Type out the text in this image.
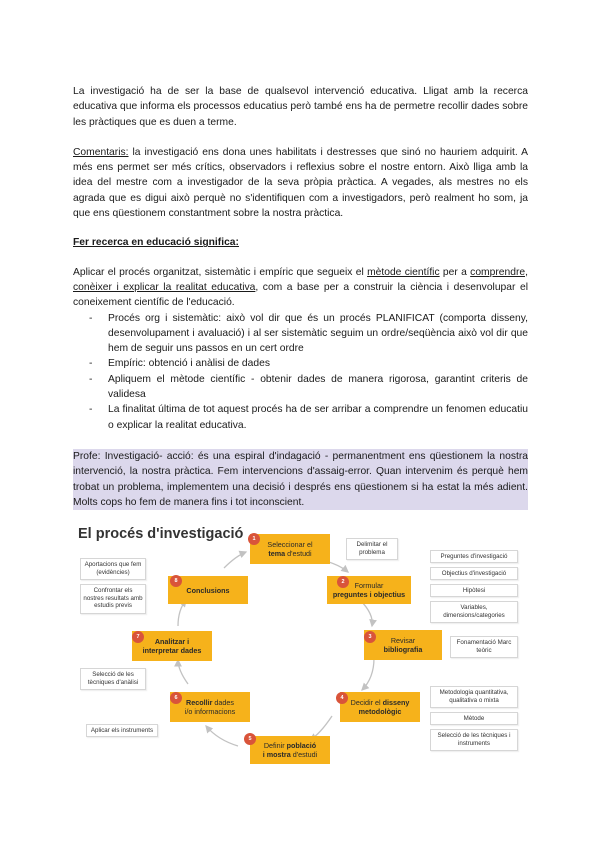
La investigació ha de ser la base de qualsevol intervenció educativa. Lligat amb la recerca educativa que informa els processos educatius però també ens ha de permetre recollir dades sobre les pràctiques que es duen a terme.

Comentaris: la investigació ens dona unes habilitats i destresses que sinó no hauriem adquirit. A més ens permet ser més crítics, observadors i reflexius sobre el nostre entorn. Això lliga amb la idea del mestre com a investigador de la seva pròpia pràctica. A vegades, als mestres no els agrada que es digui això perquè no s'identifiquen com a investigadors, però realment ho som, ja que ens qüestionem constantment sobre la nostra pràctica.

Fer recerca en educació significa:

Aplicar el procés organitzat, sistemàtic i empíric que segueix el mètode científic per a comprendre, conèixer i explicar la realitat educativa, com a base per a construir la ciència i desenvolupar el coneixement científic de l'educació.

- Procés org i sistemàtic: això vol dir que és un procés PLANIFICAT (comporta disseny, desenvolupament i avaluació) i al ser sistemàtic seguim un ordre/seqüència això vol dir que hem de seguir uns passos en un cert ordre
- Empíric: obtenció i anàlisi de dades
- Apliquem el mètode científic - obtenir dades de manera rigorosa, garantint criteris de validesa
- La finalitat última de tot aquest procés ha de ser arribar a comprendre un fenomen educatiu o explicar la realitat educativa.

Profe: Investigació- acció: és una espiral d'indagació - permanentment ens qüestionem la nostra intervenció, la nostra pràctica. Fem intervencions d'assaig-error. Quan intervenim és perquè hem trobat un problema, implementem una decisió i després ens qüestionem si ha estat la més adient. Molts cops ho fem de manera fins i tot inconscient.

El procés d'investigació
Seleccionar el
tema d'estudi
1
Formular
preguntes i objectius
2
Revisar
bibliografia
3
Decidir el disseny
metodològic
4
Definir població
i mostra d'estudi
5
Recollir dades
i/o informacions
6
Analitzar i
interpretar dades
7
Conclusions
8
Delimitar el problema
Preguntes d'investigació
Objectius d'investigació
Hipòtesi
Variables, dimensions/categories
Fonamentació Marc teòric
Metodologia quantitativa, qualitativa o mixta
Mètode
Selecció de les tècniques i instruments
Aportacions que fem (evidències)
Confrontar els nostres resultats amb estudis previs
Selecció de les tècniques d'anàlisi
Aplicar els instruments
